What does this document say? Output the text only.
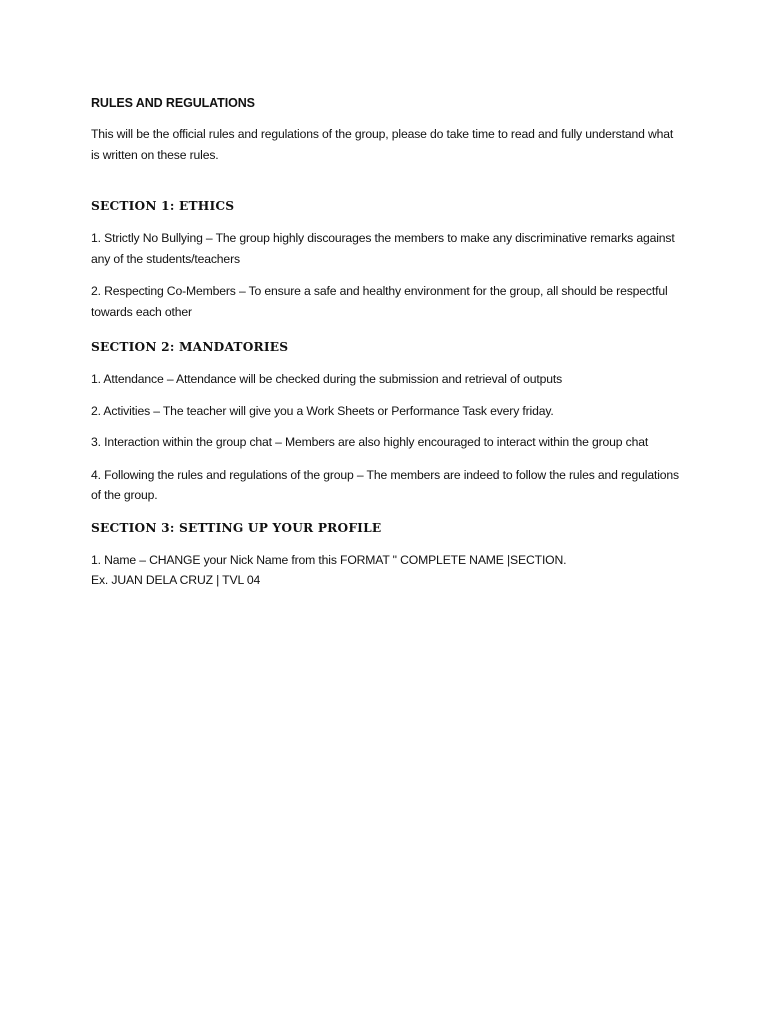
RULES AND REGULATIONS

This will be the official rules and regulations of the group, please do take time to read and fully understand what is written on these rules.

SECTION 1: ETHICS

1. Strictly No Bullying – The group highly discourages the members to make any discriminative remarks against any of the students/teachers

2. Respecting Co-Members – To ensure a safe and healthy environment for the group, all should be respectful towards each other

SECTION 2: MANDATORIES

1. Attendance – Attendance will be checked during the submission and retrieval of outputs

2. Activities – The teacher will give you a Work Sheets or Performance Task every friday.

3. Interaction within the group chat – Members are also highly encouraged to interact within the group chat

4. Following the rules and regulations of the group – The members are indeed to follow the rules and regulations of the group.

SECTION 3: SETTING UP YOUR PROFILE

1. Name – CHANGE your Nick Name from this FORMAT " COMPLETE NAME |SECTION.

Ex. JUAN DELA CRUZ | TVL 04
